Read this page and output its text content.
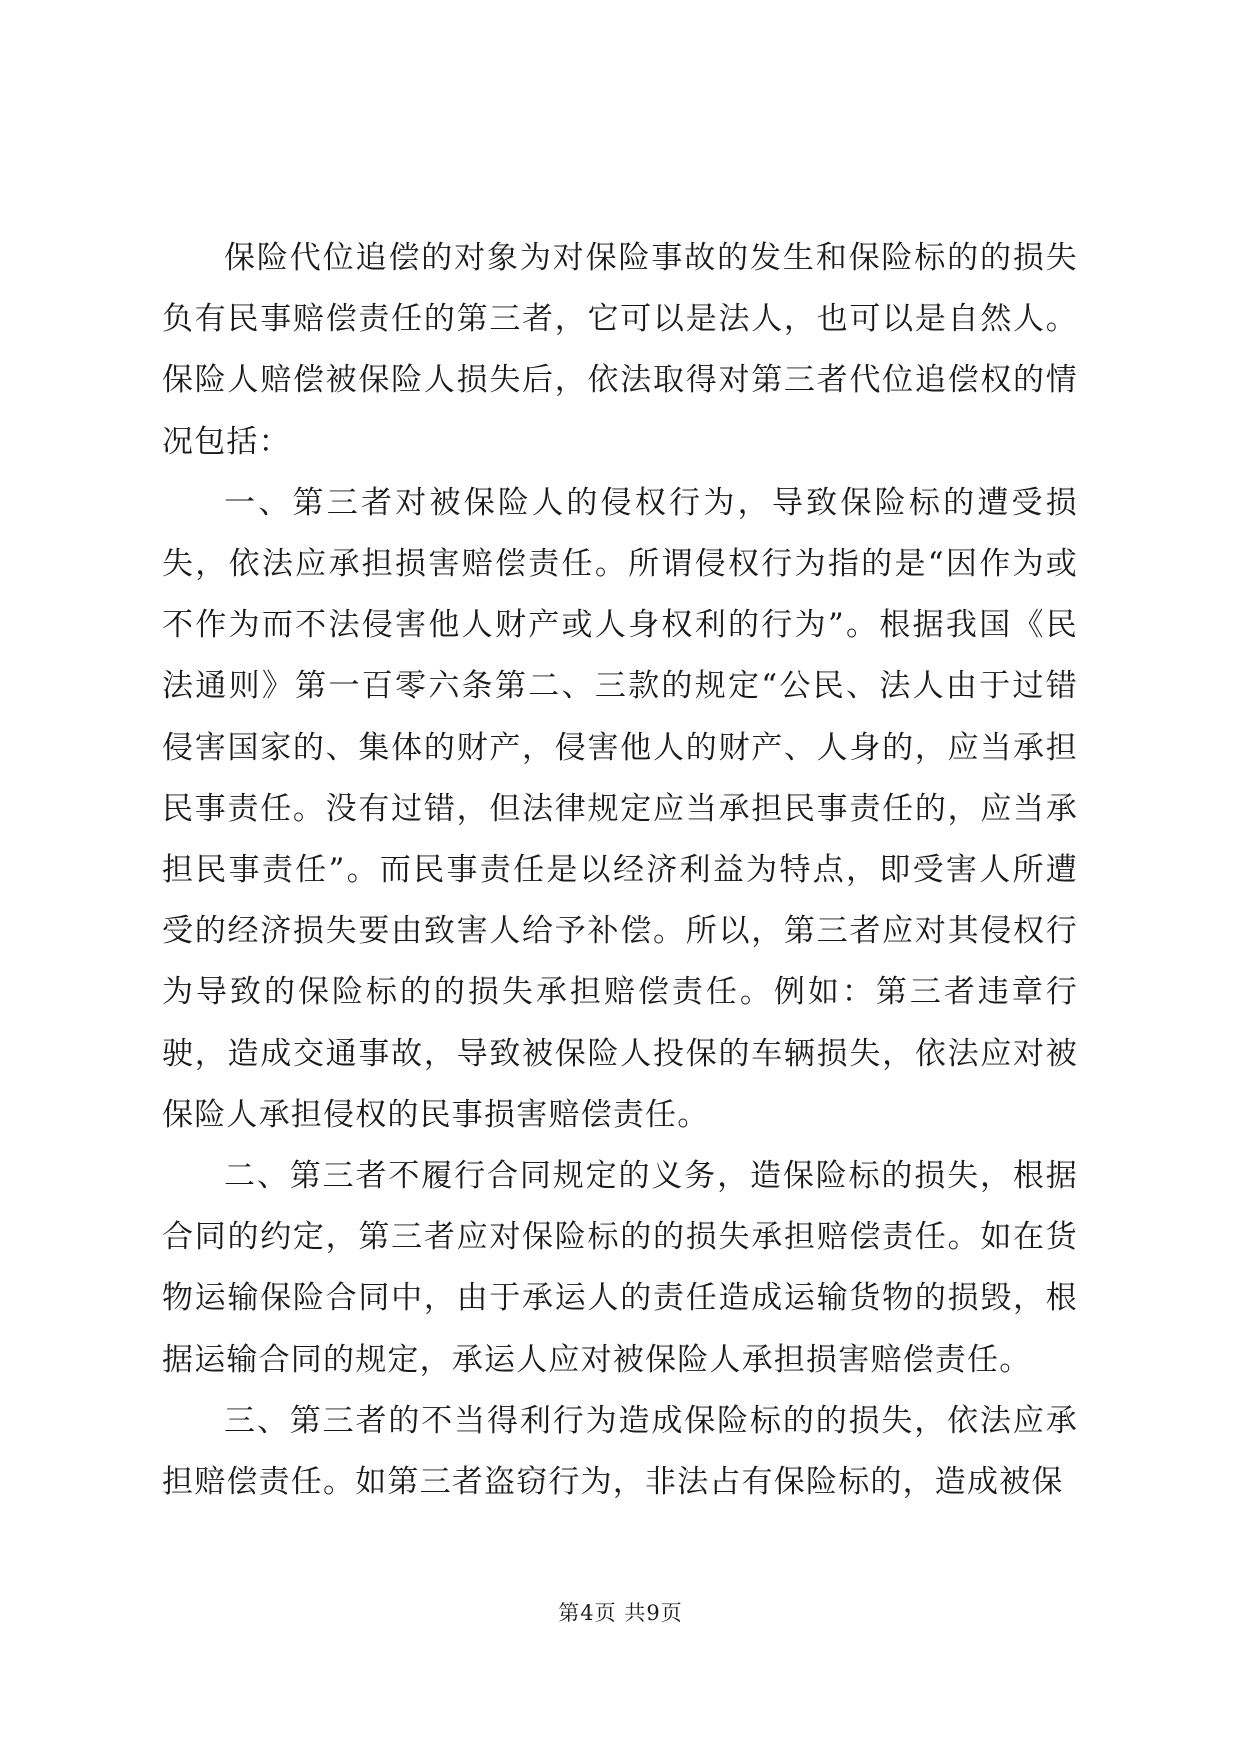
保险代位追偿的对象为对保险事故的发生和保险标的的损失负有民事赔偿责任的第三者，它可以是法人，也可以是自然人。保险人赔偿被保险人损失后，依法取得对第三者代位追偿权的情况包括：

一、第三者对被保险人的侵权行为，导致保险标的遭受损失，依法应承担损害赔偿责任。所谓侵权行为指的是“因作为或不作为而不法侵害他人财产或人身权利的行为”。根据我国《民法通则》第一百零六条第二、三款的规定“公民、法人由于过错侵害国家的、集体的财产，侵害他人的财产、人身的，应当承担民事责任。没有过错，但法律规定应当承担民事责任的，应当承担民事责任”。而民事责任是以经济利益为特点，即受害人所遭受的经济损失要由致害人给予补偿。所以，第三者应对其侵权行为导致的保险标的的损失承担赔偿责任。例如：第三者违章行驶，造成交通事故，导致被保险人投保的车辆损失，依法应对被保险人承担侵权的民事损害赔偿责任。

二、第三者不履行合同规定的义务，造保险标的损失，根据合同的约定，第三者应对保险标的的损失承担赔偿责任。如在货物运输保险合同中，由于承运人的责任造成运输货物的损毁，根据运输合同的规定，承运人应对被保险人承担损害赔偿责任。

三、第三者的不当得利行为造成保险标的的损失，依法应承担赔偿责任。如第三者盗窃行为，非法占有保险标的，造成被保

第4页 共9页
